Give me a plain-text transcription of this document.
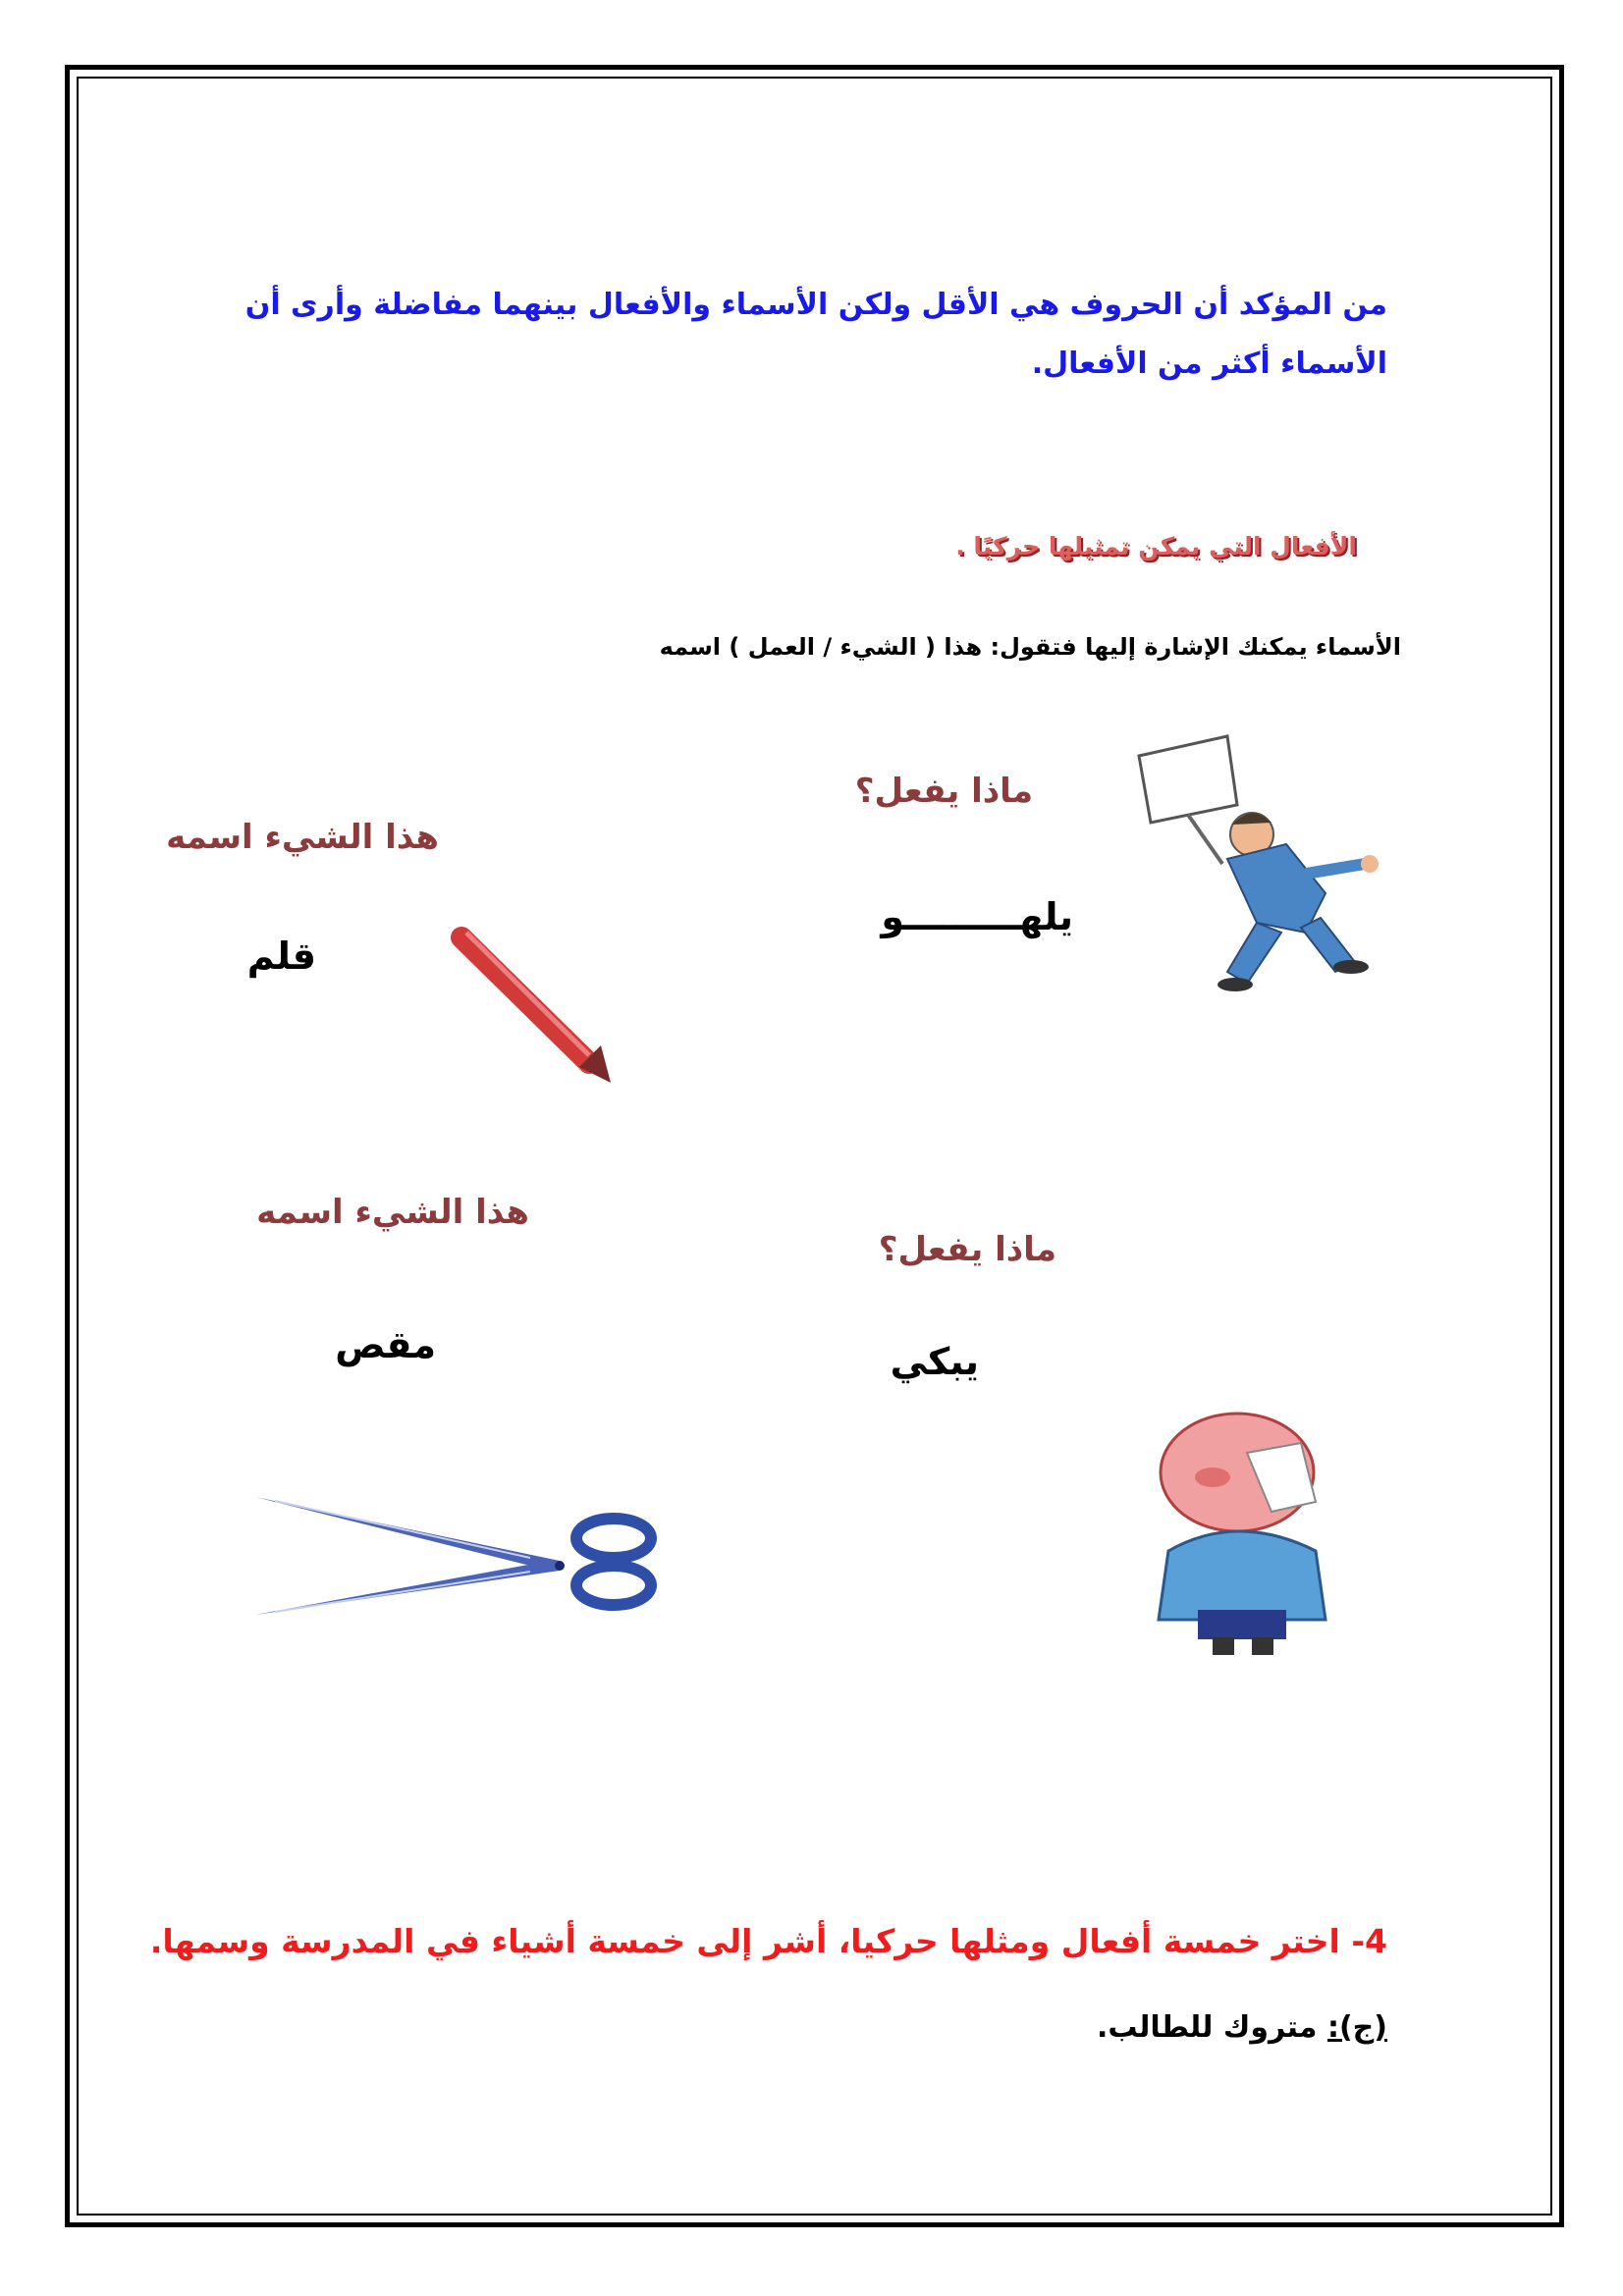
من المؤكد أن الحروف هي الأقل ولكن الأسماء والأفعال بينهما مفاضلة وأرى أن

الأسماء أكثر من الأفعال.

الأفعال التي يمكن تمثيلها حركيًا .

الأسماء يمكنك الإشارة إليها فتقول: هذا ( الشيء / العمل ) اسمه

ماذا يفعل؟

يلهـــــــــو

هذا الشيء اسمه

قلم

هذا الشيء اسمه

مقص

ماذا يفعل؟

يبكي

4- اختر خمسة أفعال ومثلها حركيا، أشر إلى خمسة أشياء في المدرسة وسمها.

(ج): متروك للطالب.
